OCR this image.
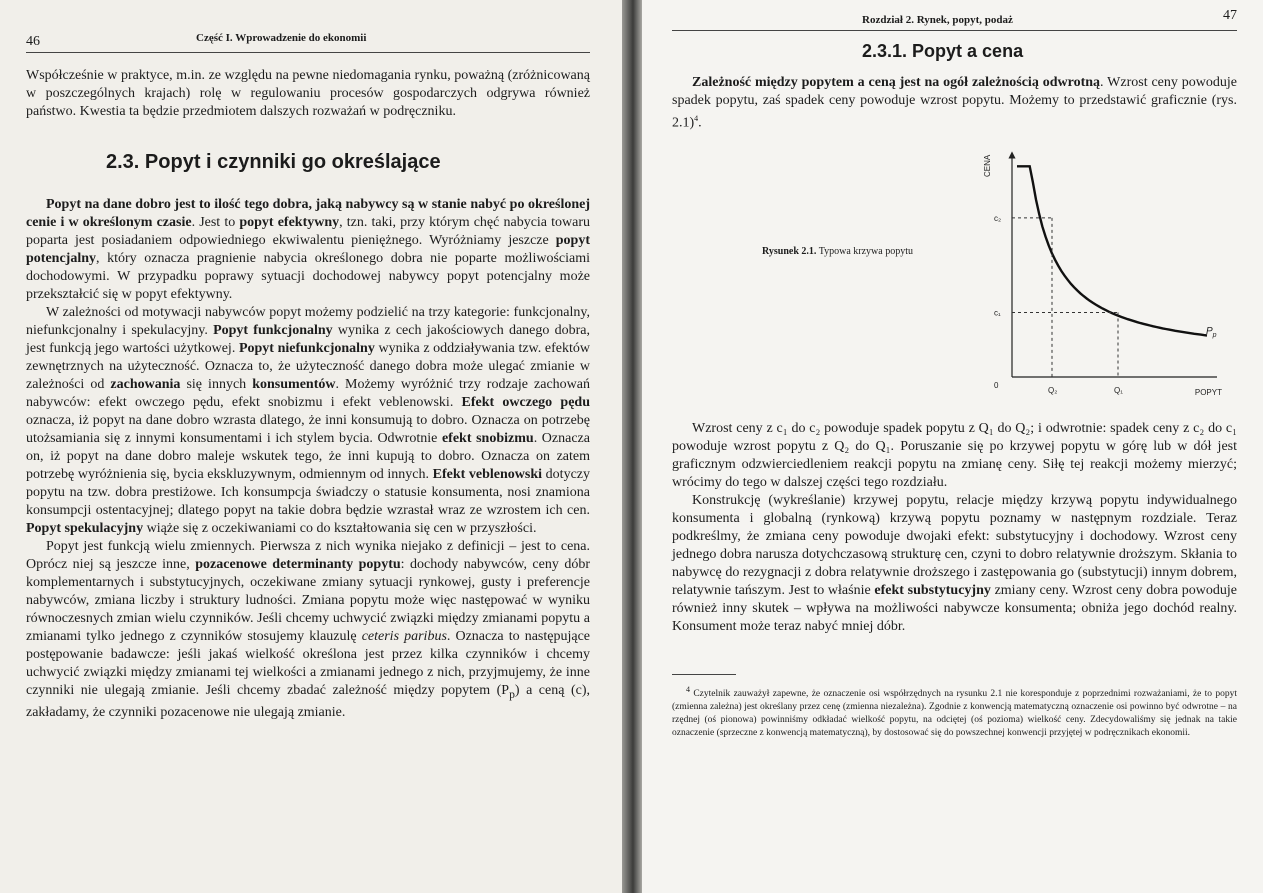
46	Część I. Wprowadzenie do ekonomii

Współcześnie w praktyce, m.in. ze względu na pewne niedomagania rynku, poważną (zróżnicowaną w poszczególnych krajach) rolę w regulowaniu procesów gospodarczych odgrywa również państwo. Kwestia ta będzie przedmiotem dalszych rozważań w podręczniku.

2.3. Popyt i czynniki go określające

Popyt na dane dobro jest to ilość tego dobra, jaką nabywcy są w stanie nabyć po określonej cenie i w określonym czasie. Jest to popyt efektywny, tzn. taki, przy którym chęć nabycia towaru poparta jest posiadaniem odpowiedniego ekwiwalentu pieniężnego. Wyróżniamy jeszcze popyt potencjalny, który oznacza pragnienie nabycia określonego dobra nie poparte możliwościami dochodowymi. W przypadku poprawy sytuacji dochodowej nabywcy popyt potencjalny może przekształcić się w popyt efektywny.

W zależności od motywacji nabywców popyt możemy podzielić na trzy kategorie: funkcjonalny, niefunkcjonalny i spekulacyjny. Popyt funkcjonalny wynika z cech jakościowych danego dobra, jest funkcją jego wartości użytkowej. Popyt niefunkcjonalny wynika z oddziaływania tzw. efektów zewnętrznych na użyteczność. Oznacza to, że użyteczność danego dobra może ulegać zmianie w zależności od zachowania się innych konsumentów. Możemy wyróżnić trzy rodzaje zachowań nabywców: efekt owczego pędu, efekt snobizmu i efekt veblenowski. Efekt owczego pędu oznacza, iż popyt na dane dobro wzrasta dlatego, że inni konsumują to dobro. Oznacza on potrzebę utożsamiania się z innymi konsumentami i ich stylem bycia. Odwrotnie efekt snobizmu. Oznacza on, iż popyt na dane dobro maleje wskutek tego, że inni kupują to dobro. Oznacza on zatem potrzebę wyróżnienia się, bycia ekskluzywnym, odmiennym od innych. Efekt veblenowski dotyczy popytu na tzw. dobra prestiżowe. Ich konsumpcja świadczy o statusie konsumenta, nosi znamiona konsumpcji ostentacyjnej; dlatego popyt na takie dobra będzie wzrastał wraz ze wzrostem ich cen. Popyt spekulacyjny wiąże się z oczekiwaniami co do kształtowania się cen w przyszłości.

Popyt jest funkcją wielu zmiennych. Pierwsza z nich wynika niejako z definicji – jest to cena. Oprócz niej są jeszcze inne, pozacenowe determinanty popytu: dochody nabywców, ceny dóbr komplementarnych i substytucyjnych, oczekiwane zmiany sytuacji rynkowej, gusty i preferencje nabywców, zmiana liczby i struktury ludności. Zmiana popytu może więc następować w wyniku równoczesnych zmian wielu czynników. Jeśli chcemy uchwycić związki między zmianami popytu a zmianami tylko jednego z czynników stosujemy klauzulę ceteris paribus. Oznacza to następujące postępowanie badawcze: jeśli jakaś wielkość określona jest przez kilka czynników i chcemy uchwycić związki między zmianami tej wielkości a zmianami jednego z nich, przyjmujemy, że inne czynniki nie ulegają zmianie. Jeśli chcemy zbadać zależność między popytem $(P_p)$ a ceną (c), zakładamy, że czynniki pozacenowe nie ulegają zmianie.

Rozdział 2. Rynek, popyt, podaż	47
2.3.1. Popyt a cena

Zależność między popytem a ceną jest na ogół zależnością odwrotną. Wzrost ceny powoduje spadek popytu, zaś spadek ceny powoduje wzrost popytu. Możemy to przedstawić graficznie (rys. 2.1)$^4$.

Rysunek 2.1. Typowa krzywa popytu
CENA
POPYT
0
c₂
Q₂
c₁
Q₁
$P_p$

Wzrost ceny z c₁ do c₂ powoduje spadek popytu z Q₁ do Q₂; i odwrotnie: spadek ceny z c₂ do c₁ powoduje wzrost popytu z Q₂ do Q₁. Poruszanie się po krzywej popytu w górę lub w dół jest graficznym odzwierciedleniem reakcji popytu na zmianę ceny. Siłę tej reakcji możemy mierzyć; wrócimy do tego w dalszej części tego rozdziału.

Konstrukcję (wykreślanie) krzywej popytu, relacje między krzywą popytu indywidualnego konsumenta i globalną (rynkową) krzywą popytu poznamy w następnym rozdziale. Teraz podkreślmy, że zmiana ceny powoduje dwojaki efekt: substytucyjny i dochodowy. Wzrost ceny jednego dobra narusza dotychczasową strukturę cen, czyni to dobro relatywnie droższym. Skłania to nabywcę do rezygnacji z dobra relatywnie droższego i zastępowania go (substytucji) innym dobrem, relatywnie tańszym. Jest to właśnie efekt substytucyjny zmiany ceny. Wzrost ceny dobra powoduje również inny skutek – wpływa na możliwości nabywcze konsumenta; obniża jego dochód realny. Konsument może teraz nabyć mniej dóbr.

$^4$ Czytelnik zauważył zapewne, że oznaczenie osi współrzędnych na rysunku 2.1 nie koresponduje z poprzednimi rozważaniami, że to popyt (zmienna zależna) jest określany przez cenę (zmienna niezależna). Zgodnie z konwencją matematyczną oznaczenie osi powinno być odwrotne – na rzędnej (oś pionowa) powinniśmy odkładać wielkość popytu, na odciętej (oś pozioma) wielkość ceny. Zdecydowaliśmy się jednak na takie oznaczenie (sprzeczne z konwencją matematyczną), by dostosować się do powszechnej konwencji przyjętej w podręcznikach ekonomii.
